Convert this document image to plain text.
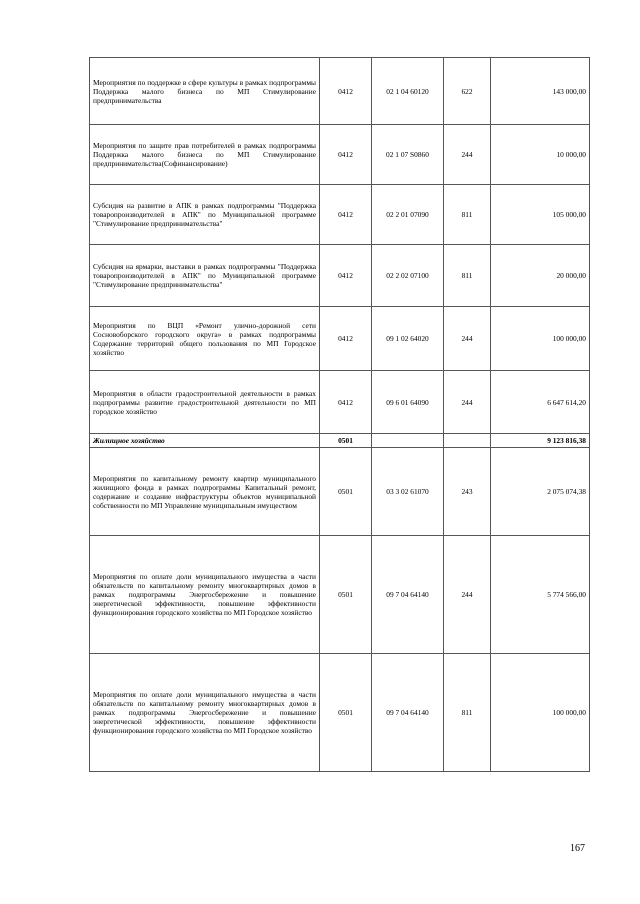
Мероприятия по поддержке в сфере культуры в рамках подпрограммы Поддержка малого бизнеса по МП Стимулирование предпринимательства	0412	02 1 04 60120	622	143 000,00
Мероприятия по защите прав потребителей в рамках подпрограммы Поддержка малого бизнеса по МП Стимулирование предпринимательства(Софинансирование)	0412	02 1 07 S0860	244	10 000,00
Субсидия на развитие в АПК в рамках подпрограммы "Поддержка товаропроизводителей в АПК" по Муниципальной программе "Стимулирование предпринимательства"	0412	02 2 01 07090	811	105 000,00
Субсидия на ярмарки, выставки в рамках подпрограммы "Поддержка товаропроизводителей в АПК" по Муниципальной программе "Стимулирование предпринимательства"	0412	02 2 02 07100	811	20 000,00
Мероприятия по ВЦП «Ремонт улично-дорожной сети Сосновоборского городского округа» в рамках подпрограммы Содержание территорий общего пользования по МП Городское хозяйство	0412	09 1 02 64020	244	100 000,00
Мероприятия в области градостроительной деятельности в рамках подпрограммы развитие градостроительной деятельности по МП городское хозяйство	0412	09 6 01 64090	244	6 647 614,20
Жилищное хозяйство	0501			9 123 816,38
Мероприятия по капитальному ремонту квартир муниципального жилищного фонда в рамках подпрограммы Капитальный ремонт, содержание и создание инфраструктуры объектов муниципальной собственности по МП Управление муниципальным имуществом	0501	03 3 02 61070	243	2 075 074,38
Мероприятия по оплате доли муниципального имущества в части обязательств по капитальному ремонту многоквартирных домов в рамках подпрограммы Энергосбережение и повышение энергетической эффективности, повышение эффективности функционирования городского хозяйства по МП Городское хозяйство	0501	09 7 04 64140	244	5 774 566,00
Мероприятия по оплате доли муниципального имущества в части обязательств по капитальному ремонту многоквартирных домов в рамках подпрограммы Энергосбережение и повышение энергетической эффективности, повышение эффективности функционирования городского хозяйства по МП Городское хозяйство	0501	09 7 04 64140	811	100 000,00
167
